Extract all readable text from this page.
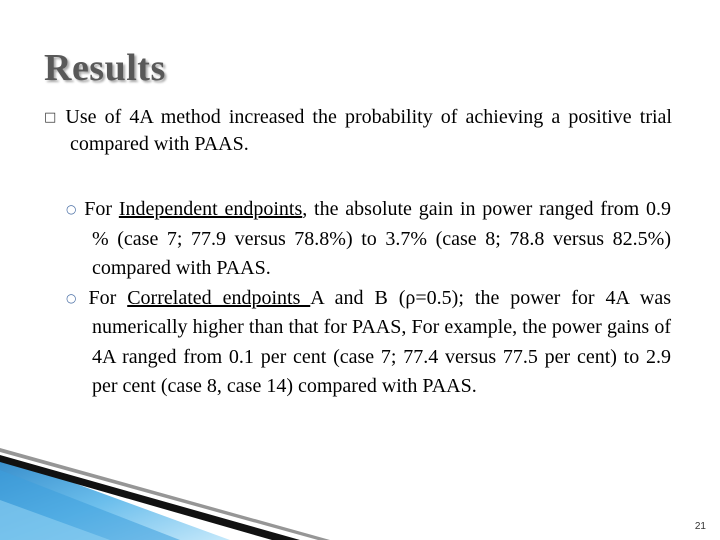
Results
□ Use of 4A method increased the probability of achieving a positive trial compared with PAAS.
○ For Independent endpoints, the absolute gain in power ranged from 0.9 % (case 7; 77.9 versus 78.8%) to 3.7% (case 8; 78.8 versus 82.5%) compared with PAAS.
○ For Correlated endpoints A and B (ρ=0.5); the power for 4A was numerically higher than that for PAAS, For example, the power gains of 4A ranged from 0.1 per cent (case 7; 77.4 versus 77.5 per cent) to 2.9 per cent (case 8, case 14) compared with PAAS.
21
